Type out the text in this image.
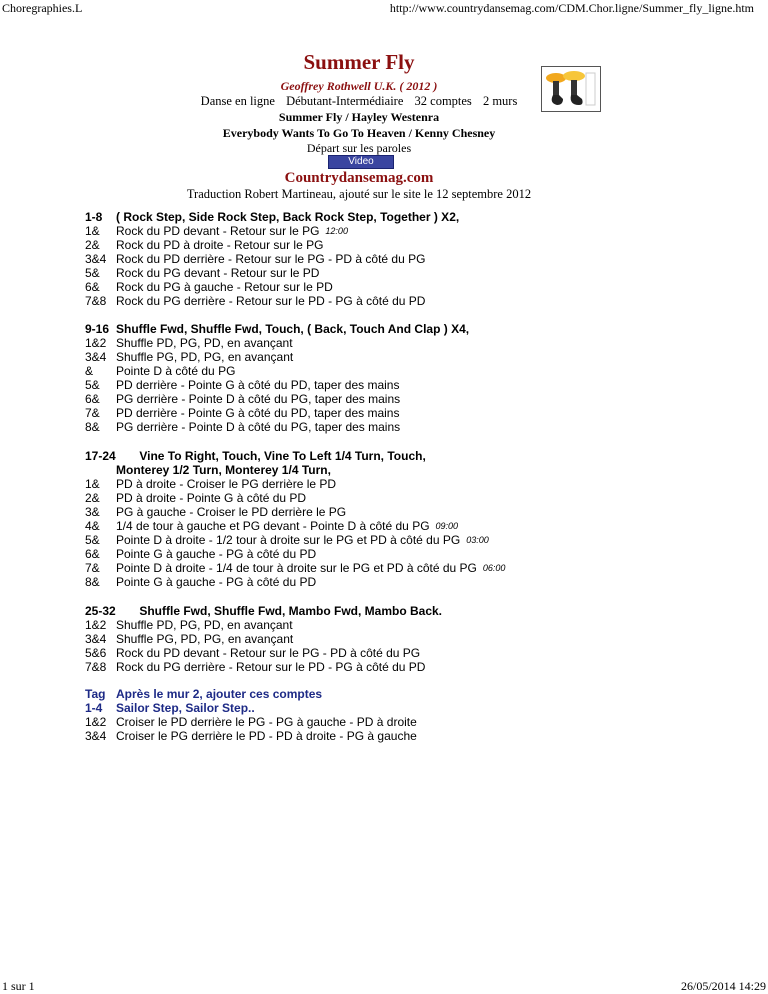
Choregraphies.L	http://www.countrydansemag.com/CDM.Chor.ligne/Summer_fly_ligne.htm
Summer Fly
Geoffrey Rothwell U.K. ( 2012 )
Danse en ligne Débutant-Intermédiaire 32 comptes 2 murs
Summer Fly / Hayley Westenra
Everybody Wants To Go To Heaven / Kenny Chesney
Départ sur les paroles
Video
Countrydansemag.com
Traduction Robert Martineau, ajouté sur le site le 12 septembre 2012
1-8	( Rock Step, Side Rock Step, Back Rock Step, Together ) X2,
1&	Rock du PD devant - Retour sur le PG 12:00
2&	Rock du PD à droite - Retour sur le PG
3&4 Rock du PD derrière - Retour sur le PG - PD à côté du PG
5&	Rock du PG devant - Retour sur le PD
6&	Rock du PG à gauche - Retour sur le PD
7&8 Rock du PG derrière - Retour sur le PD - PG à côté du PD
9-16 Shuffle Fwd, Shuffle Fwd, Touch, ( Back, Touch And Clap ) X4,
1&2 Shuffle PD, PG, PD, en avançant
3&4 Shuffle PG, PD, PG, en avançant
&	Pointe D à côté du PG
5&	PD derrière - Pointe G à côté du PD, taper des mains
6&	PG derrière - Pointe D à côté du PG, taper des mains
7&	PD derrière - Pointe G à côté du PD, taper des mains
8&	PG derrière - Pointe D à côté du PG, taper des mains
17-24 Vine To Right, Touch, Vine To Left 1/4 Turn, Touch,
Monterey 1/2 Turn, Monterey 1/4 Turn,
1&	PD à droite - Croiser le PG derrière le PD
2&	PD à droite - Pointe G à côté du PD
3&	PG à gauche - Croiser le PD derrière le PG
4&	1/4 de tour à gauche et PG devant - Pointe D à côté du PG 09:00
5&	Pointe D à droite - 1/2 tour à droite sur le PG et PD à côté du PG 03:00
6&	Pointe G à gauche - PG à côté du PD
7&	Pointe D à droite - 1/4 de tour à droite sur le PG et PD à côté du PG 06:00
8&	Pointe G à gauche - PG à côté du PD
25-32 Shuffle Fwd, Shuffle Fwd, Mambo Fwd, Mambo Back.
1&2 Shuffle PD, PG, PD, en avançant
3&4 Shuffle PG, PD, PG, en avançant
5&6 Rock du PD devant - Retour sur le PG - PD à côté du PG
7&8 Rock du PG derrière - Retour sur le PD - PG à côté du PD
Tag Après le mur 2, ajouter ces comptes
1-4	Sailor Step, Sailor Step..
1&2 Croiser le PD derrière le PG - PG à gauche - PD à droite
3&4 Croiser le PG derrière le PD - PD à droite - PG à gauche
1 sur 1	26/05/2014 14:29
